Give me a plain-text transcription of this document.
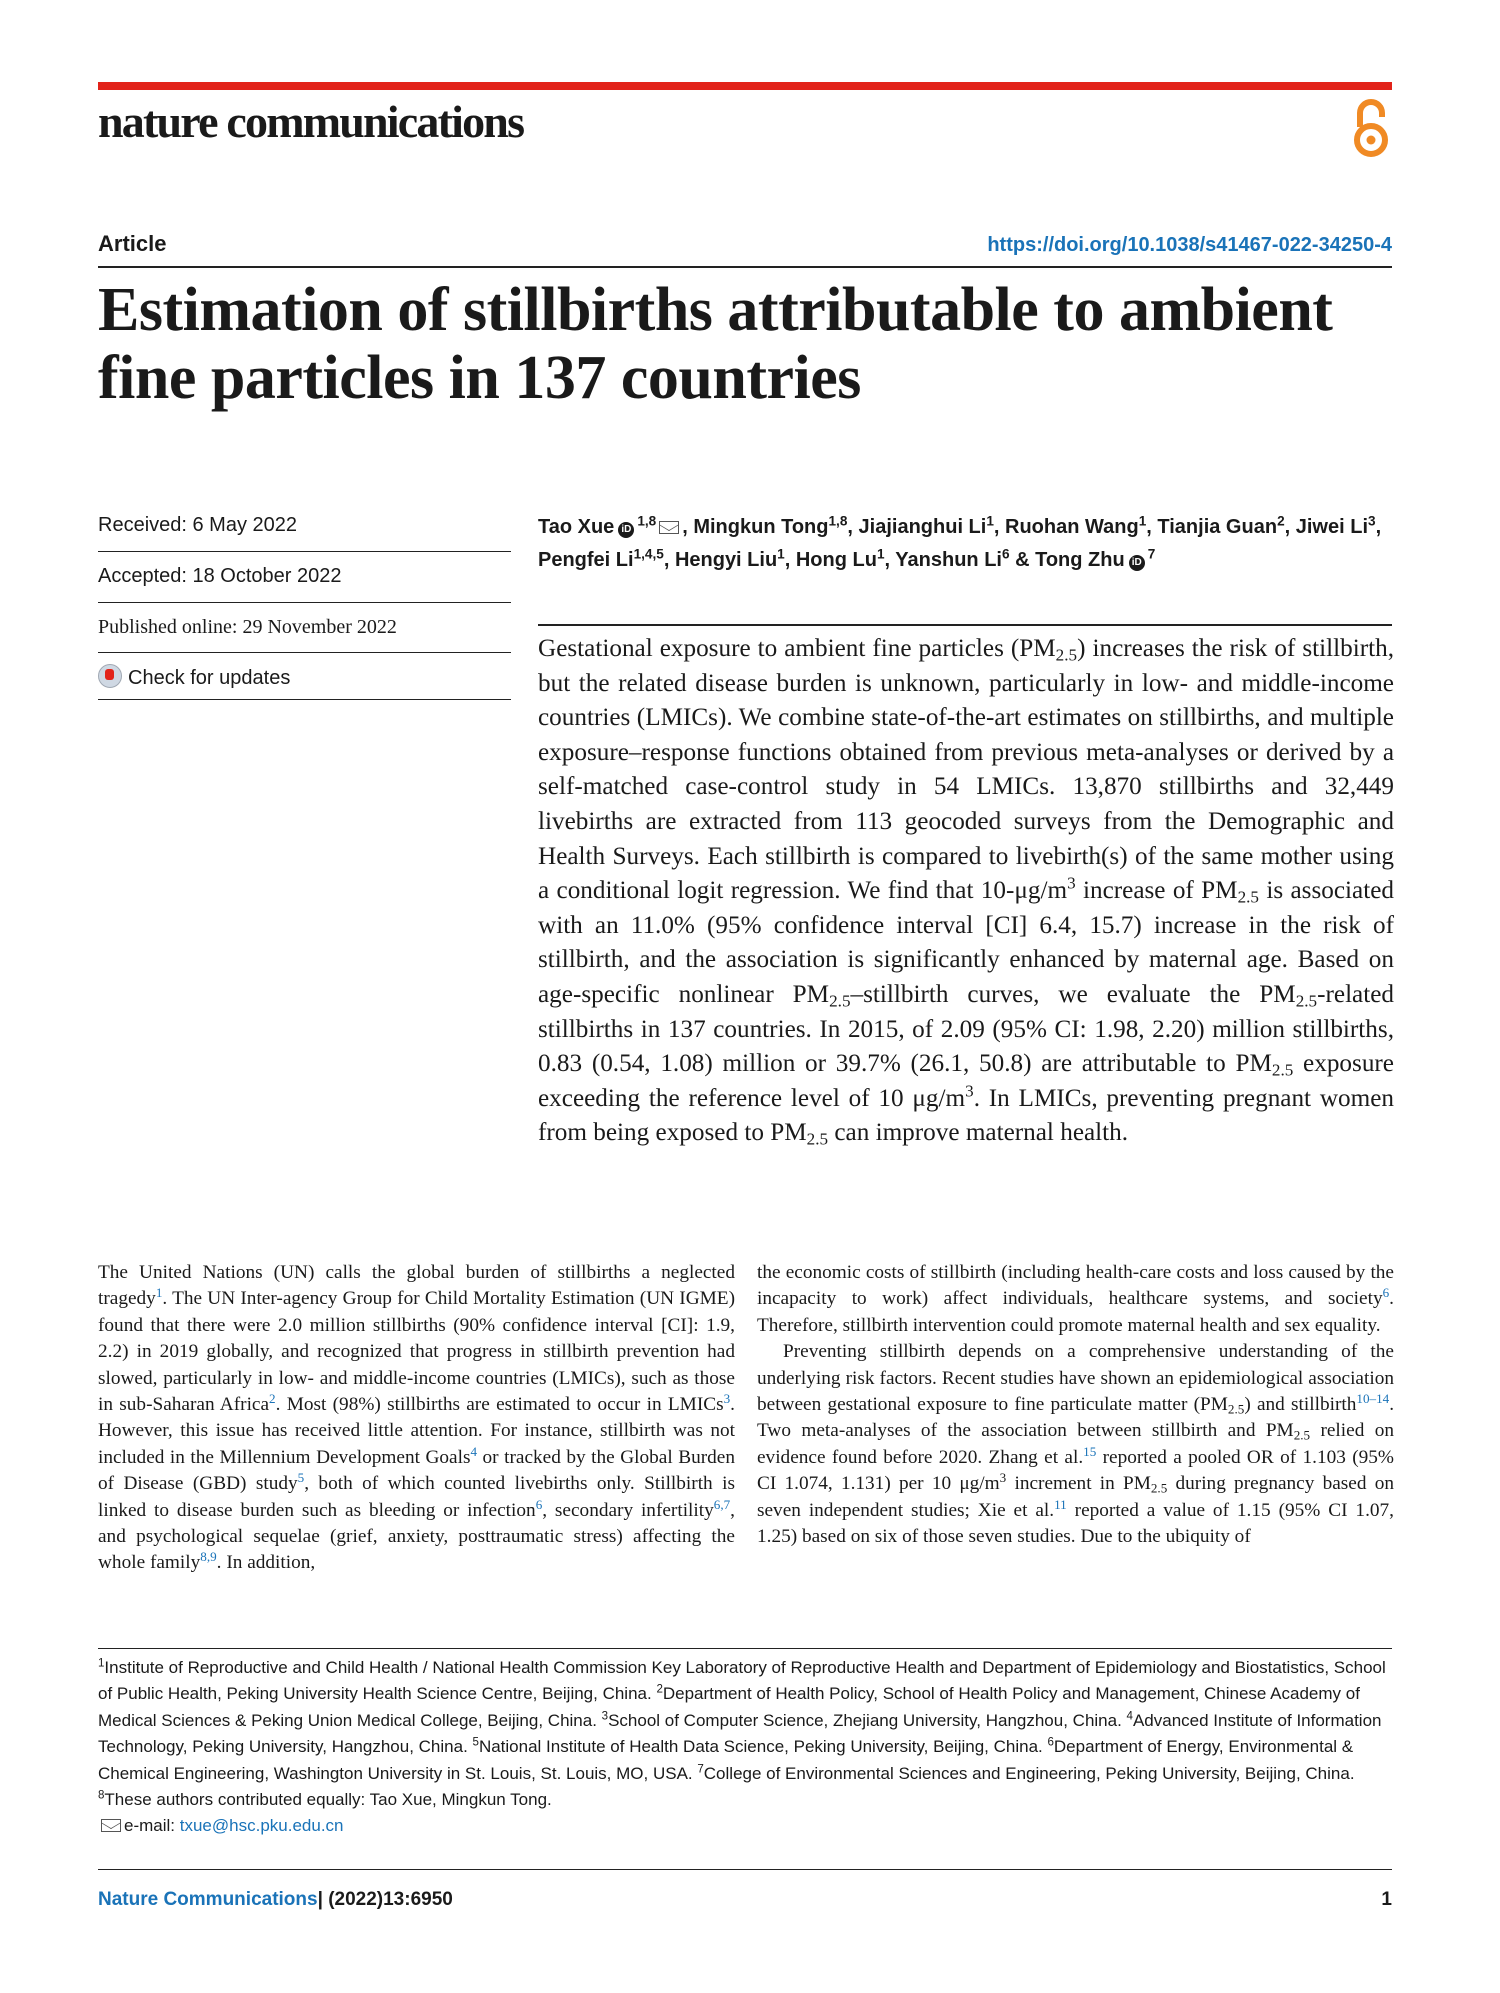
nature communications
Article	https://doi.org/10.1038/s41467-022-34250-4
Estimation of stillbirths attributable to ambient fine particles in 137 countries
Received: 6 May 2022
Accepted: 18 October 2022
Published online: 29 November 2022
Check for updates
Tao Xue iD$^{1,8}$ , Mingkun Tong$^{1,8}$, Jiajianghui Li$^1$, Ruohan Wang$^1$, Tianjia Guan$^2$, Jiwei Li$^3$, Pengfei Li$^{1,4,5}$, Hengyi Liu$^1$, Hong Lu$^1$, Yanshun Li$^6$ & Tong Zhu $iD^7$

Gestational exposure to ambient fine particles $(PM_{2.5})$ increases the risk of stillbirth, but the related disease burden is unknown, particularly in low- and middle-income countries (LMICs). We combine state-of-the-art estimates on stillbirths, and multiple exposure–response functions obtained from previous meta-analyses or derived by a self-matched case-control study in 54 LMICs. 13,870 stillbirths and 32,449 livebirths are extracted from 113 geocoded surveys from the Demographic and Health Surveys. Each stillbirth is compared to livebirth(s) of the same mother using a conditional logit regression. We find that $10-\mu g/m^3$ increase of $PM_{2.5}$ is associated with an 11.0% (95% confidence interval [CI] 6.4, 15.7) increase in the risk of stillbirth, and the association is significantly enhanced by maternal age. Based on age-specific nonlinear $PM_{2.5}$–stillbirth curves, we evaluate the $PM_{2.5}$-related stillbirths in 137 countries. In 2015, of 2.09 (95% CI: 1.98, 2.20) million stillbirths, 0.83 (0.54, 1.08) million or 39.7% (26.1, 50.8) are attributable to $PM_{2.5}$ exposure exceeding the reference level of 10 $\mu g/m^3$. In LMICs, preventing pregnant women from being exposed to $PM_{2.5}$ can improve maternal health.

The United Nations (UN) calls the global burden of stillbirths a neglected tragedy$^1$. The UN Inter-agency Group for Child Mortality Estimation (UN IGME) found that there were 2.0 million stillbirths (90% confidence interval [CI]: 1.9, 2.2) in 2019 globally, and recognized that progress in stillbirth prevention had slowed, particularly in low- and middle-income countries (LMICs), such as those in sub-Saharan Africa$^2$. Most (98%) stillbirths are estimated to occur in LMICs$^3$. However, this issue has received little attention. For instance, stillbirth was not included in the Millennium Development Goals$^4$ or tracked by the Global Burden of Disease (GBD) study$^5$, both of which counted livebirths only. Stillbirth is linked to disease burden such as bleeding or infection$^6$, secondary infertility$^{6,7}$, and psychological sequelae (grief, anxiety, posttraumatic stress) affecting the whole family$^{8,9}$. In addition,

the economic costs of stillbirth (including health-care costs and loss caused by the incapacity to work) affect individuals, healthcare systems, and society$^6$. Therefore, stillbirth intervention could promote maternal health and sex equality.

Preventing stillbirth depends on a comprehensive understanding of the underlying risk factors. Recent studies have shown an epidemiological association between gestational exposure to fine particulate matter $(PM_{2.5})$ and stillbirth$^{10-14}$. Two meta-analyses of the association between stillbirth and $PM_{2.5}$ relied on evidence found before 2020. Zhang et al.$^{15}$ reported a pooled OR of 1.103 (95% CI 1.074, 1.131) per 10 $\mu g/m^3$ increment in $PM_{2.5}$ during pregnancy based on seven independent studies; Xie et al.$^{11}$ reported a value of 1.15 (95% CI 1.07, 1.25) based on six of those seven studies. Due to the ubiquity of

$^1$Institute of Reproductive and Child Health / National Health Commission Key Laboratory of Reproductive Health and Department of Epidemiology and Biostatistics, School of Public Health, Peking University Health Science Centre, Beijing, China. $^2$Department of Health Policy, School of Health Policy and Management, Chinese Academy of Medical Sciences & Peking Union Medical College, Beijing, China. $^3$School of Computer Science, Zhejiang University, Hangzhou, China. $^4$Advanced Institute of Information Technology, Peking University, Hangzhou, China. $^5$National Institute of Health Data Science, Peking University, Beijing, China. $^6$Department of Energy, Environmental & Chemical Engineering, Washington University in St. Louis, St. Louis, MO, USA. $^7$College of Environmental Sciences and Engineering, Peking University, Beijing, China. $^8$These authors contributed equally: Tao Xue, Mingkun Tong.
e-mail: txue@hsc.pku.edu.cn
Nature Communications| (2022)13:6950	1
